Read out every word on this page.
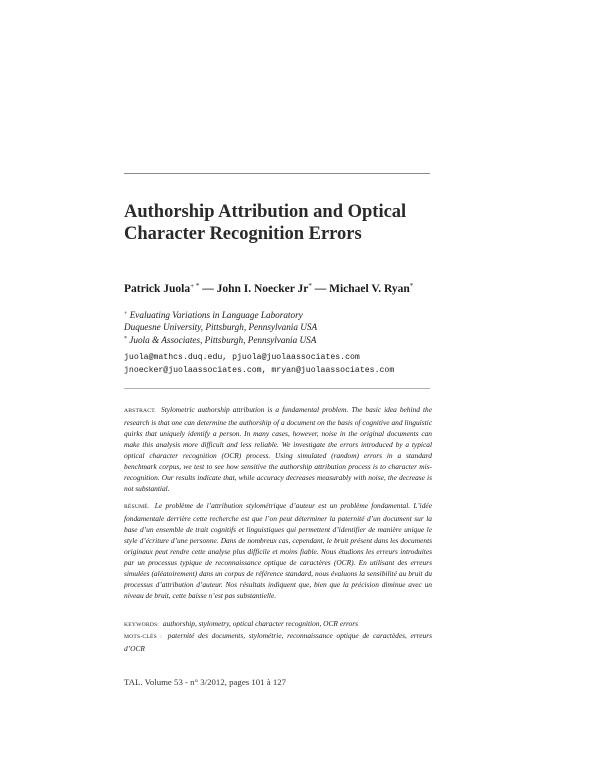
Authorship Attribution and Optical
Character Recognition Errors
Patrick Juola+ * — John I. Noecker Jr* — Michael V. Ryan*
+ Evaluating Variations in Language Laboratory
Duquesne University, Pittsburgh, Pennsylvania USA
* Juola & Associates, Pittsburgh, Pennsylvania USA
juola@mathcs.duq.edu, pjuola@juolaassociates.com
jnoecker@juolaassociates.com, mryan@juolaassociates.com
ABSTRACT. Stylometric authorship attribution is a fundamental problem. The basic idea behind the research is that one can determine the authorship of a document on the basis of cognitive and linguistic quirks that uniquely identify a person. In many cases, however, noise in the original documents can make this analysis more difficult and less reliable. We investigate the errors introduced by a typical optical character recognition (OCR) process. Using simulated (random) errors in a standard benchmark corpus, we test to see how sensitive the authorship attribution process is to character mis-recognition. Our results indicate that, while accuracy decreases measurably with noise, the decrease is not substantial.
RÉSUMÉ. Le problème de l’attribution stylométrique d’auteur est un problème fondamental. L’idée fondamentale derrière cette recherche est que l’on peut déterminer la paternité d’un document sur la base d’un ensemble de trait cognitifs et linguistiques qui permettent d’identifier de manière unique le style d’écriture d’une personne. Dans de nombreux cas, cependant, le bruit présent dans les documents originaux peut rendre cette analyse plus difficile et moins fiable. Nous étudions les erreurs introduites par un processus typique de reconnaissance optique de caractères (OCR). En utilisant des erreurs simulées (aléatoirement) dans un corpus de référence standard, nous évaluons la sensibilité au bruit du processus d’attribution d’auteur. Nos résultats indiquent que, bien que la précision diminue avec un niveau de bruit, cette baisse n’est pas substantielle.
KEYWORDS: authorship, stylometry, optical character recognition, OCR errors
MOTS-CLÉS : paternité des documents, stylométrie, reconnaissance optique de caractèdes, erreurs d’OCR
TAL. Volume 53 - n° 3/2012, pages 101 à 127
